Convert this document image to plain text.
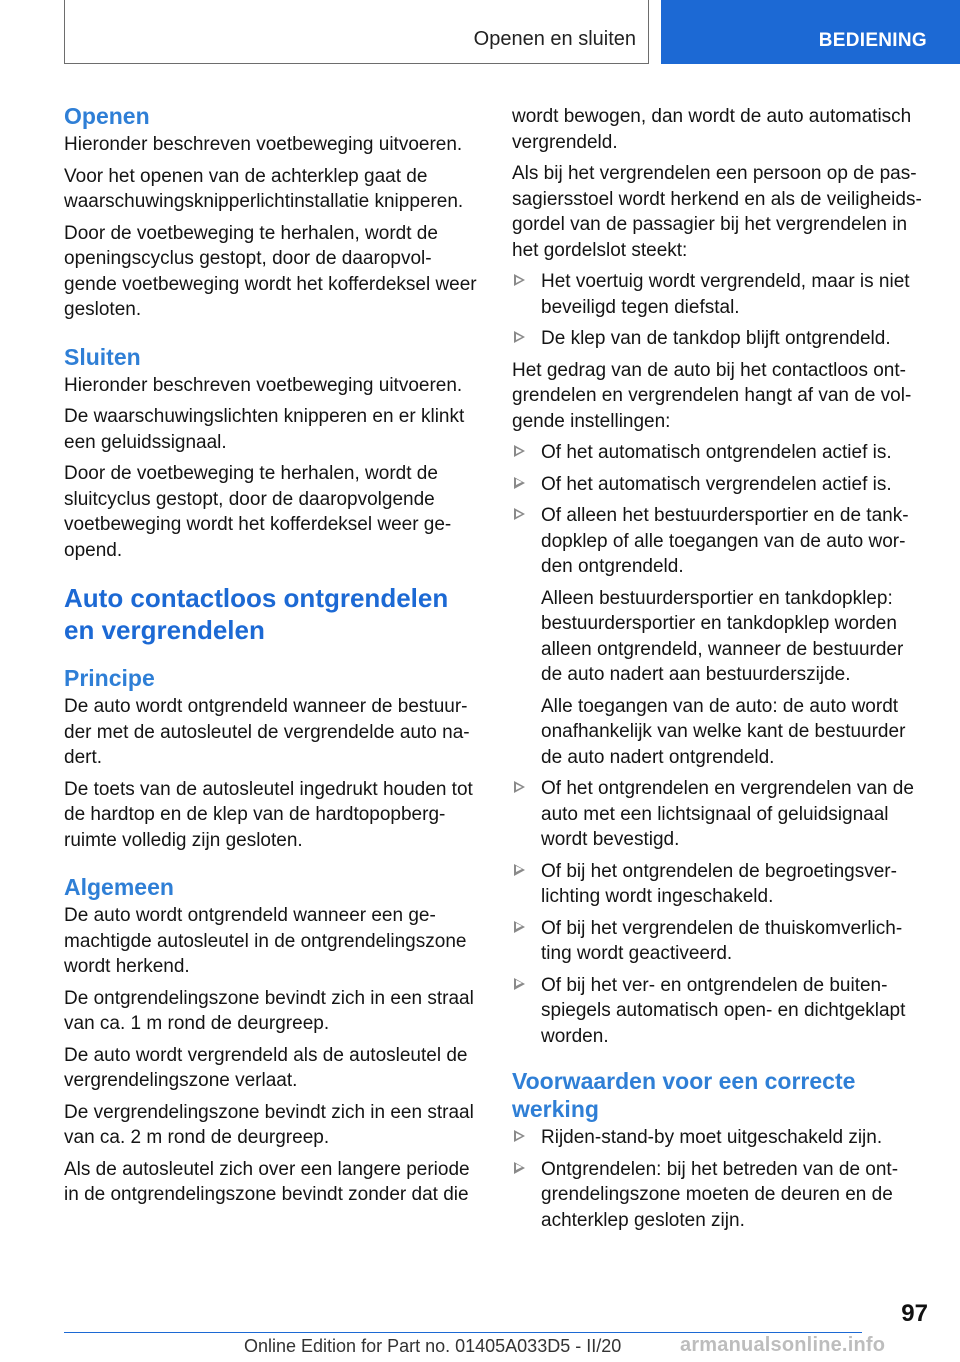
Openen en sluiten	BEDIENING
Openen

Hieronder beschreven voetbeweging uitvoeren.

Voor het openen van de achterklep gaat de waarschuwingsknipperlichtinstallatie knipperen.

Door de voetbeweging te herhalen, wordt de openingscyclus gestopt, door de daaropvol-gende voetbeweging wordt het kofferdeksel weer gesloten.

Sluiten

Hieronder beschreven voetbeweging uitvoeren.

De waarschuwingslichten knipperen en er klinkt een geluidssignaal.

Door de voetbeweging te herhalen, wordt de sluitcyclus gestopt, door de daaropvolgende voetbeweging wordt het kofferdeksel weer ge-opend.

Auto contactloos ontgrendelen en vergrendelen
Principe

De auto wordt ontgrendeld wanneer de bestuur-der met de autosleutel de vergrendelde auto na-dert.

De toets van de autosleutel ingedrukt houden tot de hardtop en de klep van de hardtopopberg-ruimte volledig zijn gesloten.

Algemeen

De auto wordt ontgrendeld wanneer een ge-machtigde autosleutel in de ontgrendelingszone wordt herkend.

De ontgrendelingszone bevindt zich in een straal van ca. 1 m rond de deurgreep.

De auto wordt vergrendeld als de autosleutel de vergrendelingszone verlaat.

De vergrendelingszone bevindt zich in een straal van ca. 2 m rond de deurgreep.

Als de autosleutel zich over een langere periode in de ontgrendelingszone bevindt zonder dat die

wordt bewogen, dan wordt de auto automatisch vergrendeld.

Als bij het vergrendelen een persoon op de pas-sagiersstoel wordt herkend en als de veiligheids-gordel van de passagier bij het vergrendelen in het gordelslot steekt:

Het voertuig wordt vergrendeld, maar is niet beveiligd tegen diefstal.
De klep van de tankdop blijft ontgrendeld.

Het gedrag van de auto bij het contactloos ont-grendelen en vergrendelen hangt af van de vol-gende instellingen:

Of het automatisch ontgrendelen actief is.
Of het automatisch vergrendelen actief is.
Of alleen het bestuurdersportier en de tank-dopklep of alle toegangen van de auto wor-den ontgrendeld.

Alleen bestuurdersportier en tankdopklep: bestuurdersportier en tankdopklep worden alleen ontgrendeld, wanneer de bestuurder de auto nadert aan bestuurderszijde.

Alle toegangen van de auto: de auto wordt onafhankelijk van welke kant de bestuurder de auto nadert ontgrendeld.

Of het ontgrendelen en vergrendelen van de auto met een lichtsignaal of geluidsignaal wordt bevestigd.
Of bij het ontgrendelen de begroetingsver-lichting wordt ingeschakeld.
Of bij het vergrendelen de thuiskomverlich-ting wordt geactiveerd.
Of bij het ver- en ontgrendelen de buiten-spiegels automatisch open- en dichtgeklapt worden.
Voorwaarden voor een correcte werking
Rijden-stand-by moet uitgeschakeld zijn.
Ontgrendelen: bij het betreden van de ont-grendelingszone moeten de deuren en de achterklep gesloten zijn.
97
Online Edition for Part no. 01405A033D5 - II/20	armanualsonline.info
